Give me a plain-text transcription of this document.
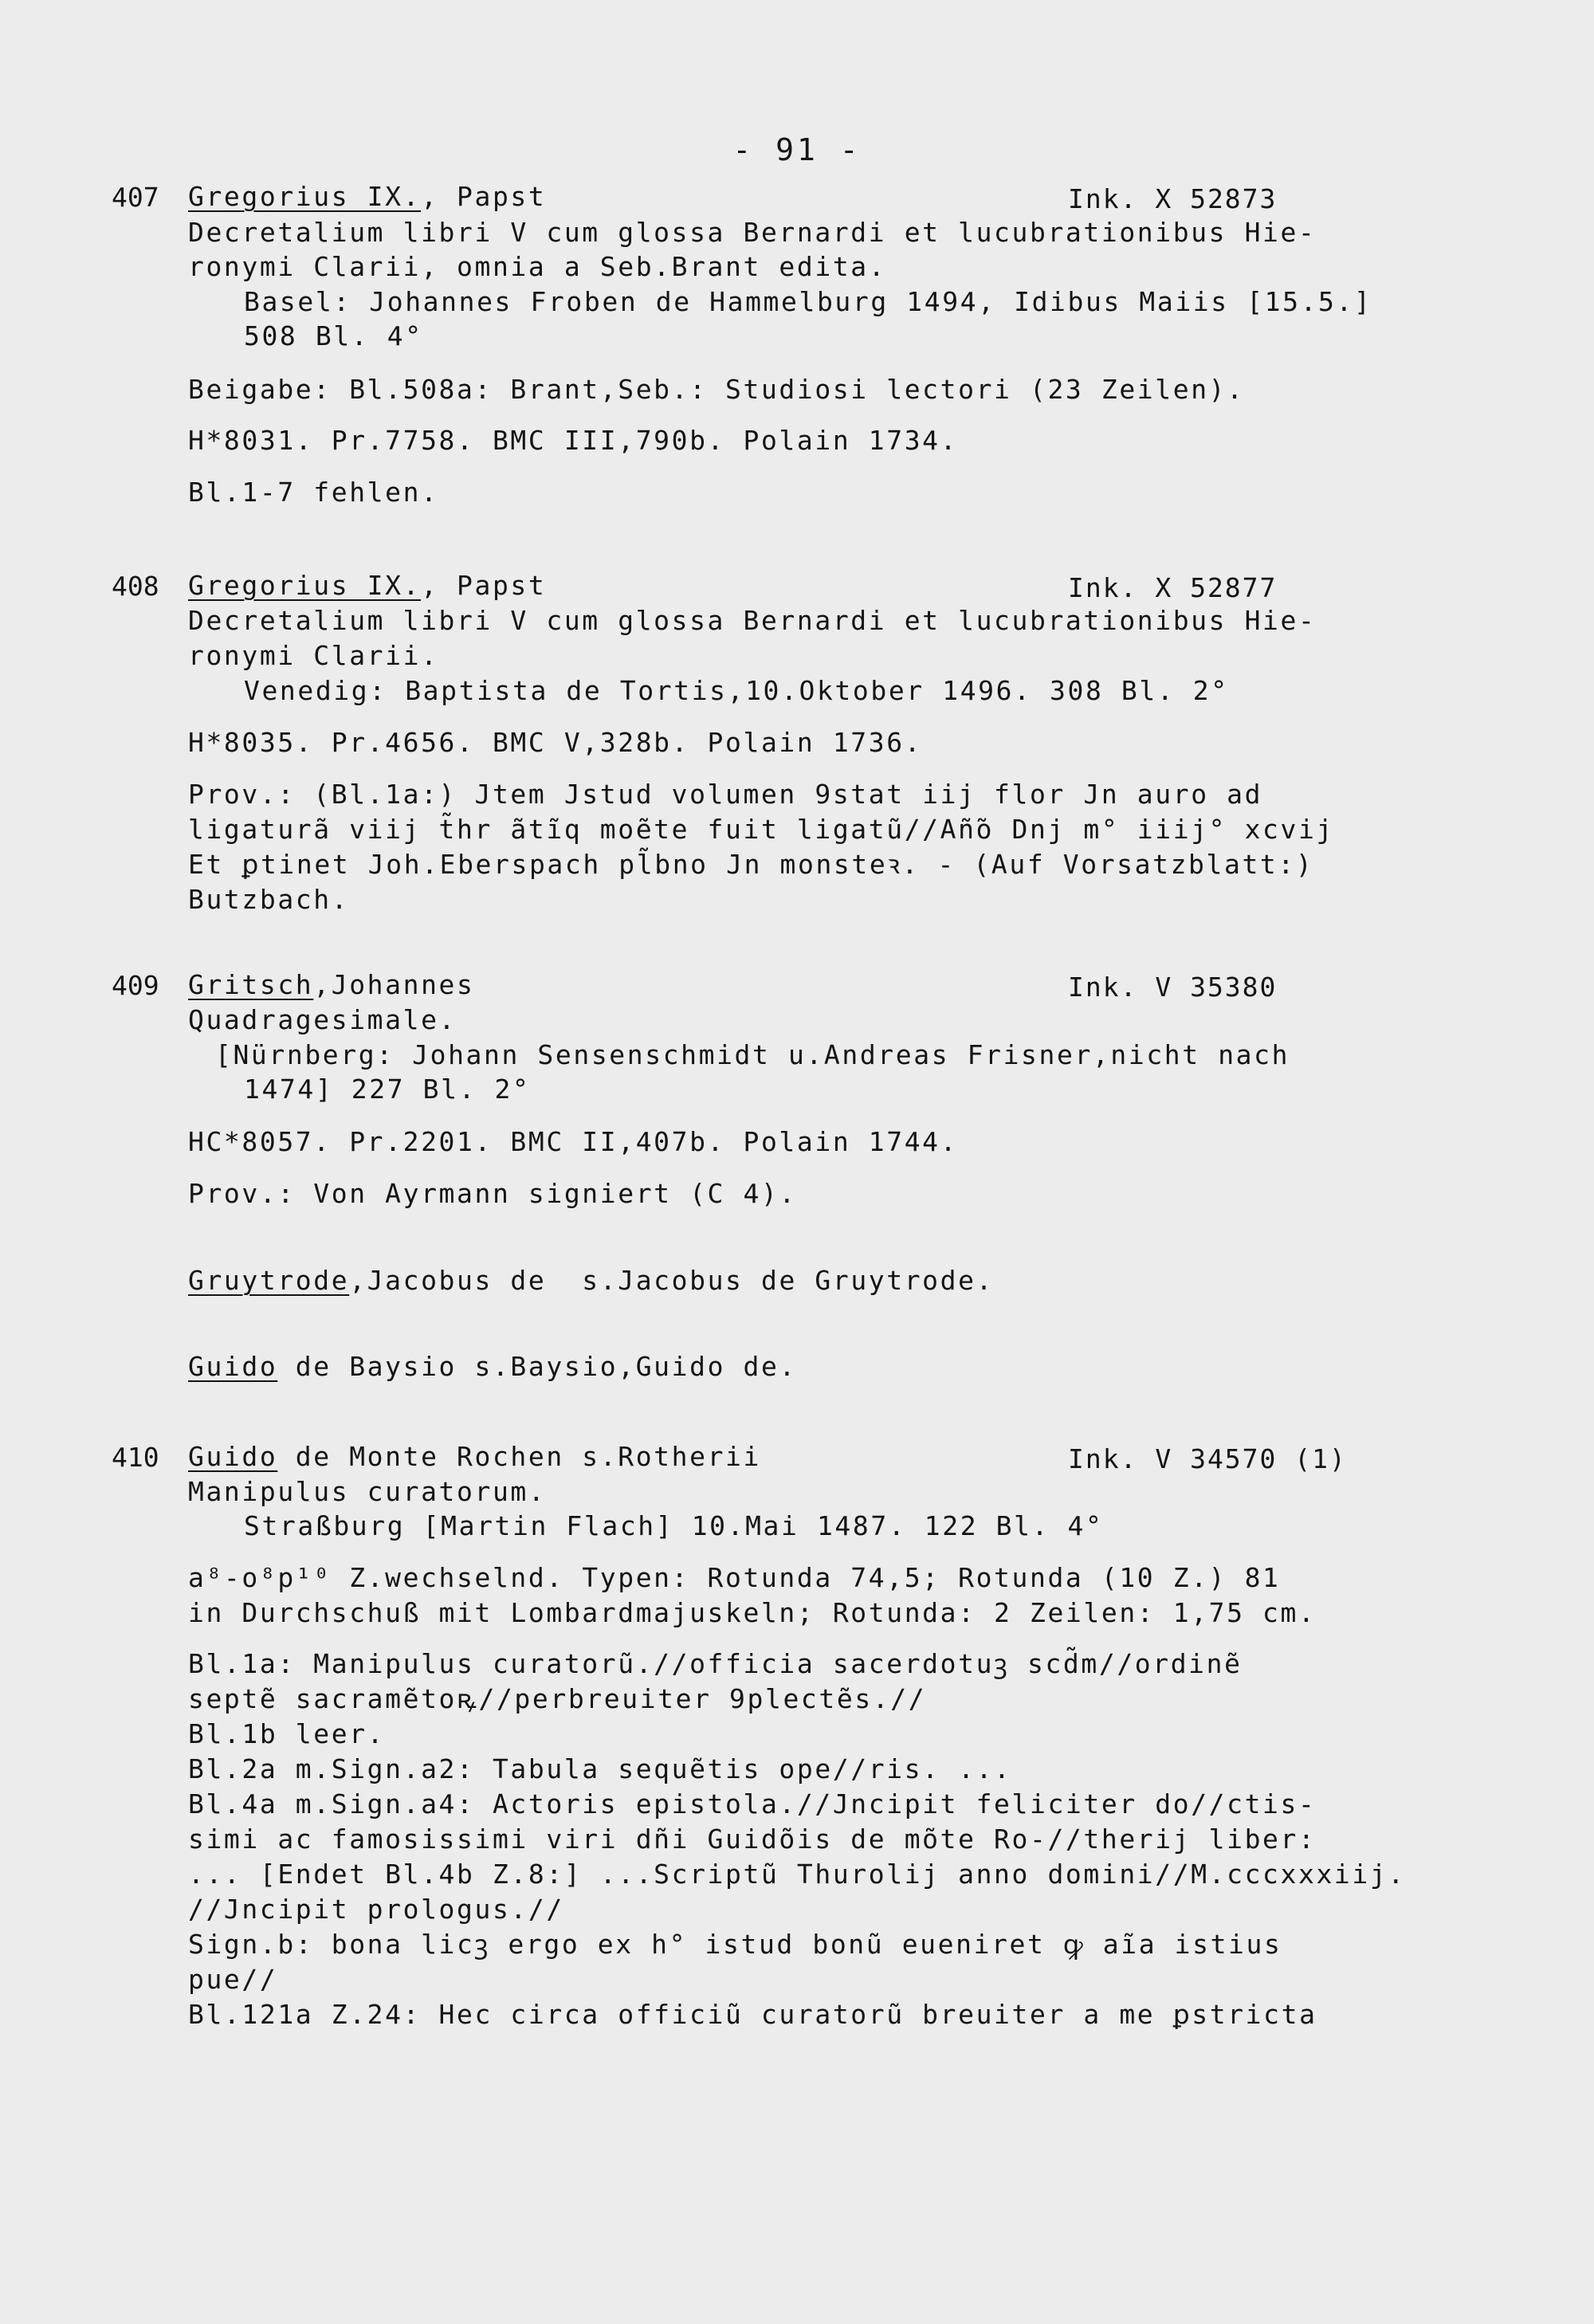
- 91 -
407 Gregorius IX., Papst	Ink. X 52873
Decretalium libri V cum glossa Bernardi et lucubrationibus Hie-
ronymi Clarii, omnia a Seb.Brant edita.
Basel: Johannes Froben de Hammelburg 1494, Idibus Maiis [15.5.]
508 Bl. 4°
Beigabe: Bl.508a: Brant,Seb.: Studiosi lectori (23 Zeilen).
H*8031. Pr.7758. BMC III,790b. Polain 1734.
Bl.1-7 fehlen.
408 Gregorius IX., Papst	Ink. X 52877
Decretalium libri V cum glossa Bernardi et lucubrationibus Hie-
ronymi Clarii.
Venedig: Baptista de Tortis,10.Oktober 1496. 308 Bl. 2°
H*8035. Pr.4656. BMC V,328b. Polain 1736.
Prov.: (Bl.1a:) Jtem Jstud volumen 9stat iij flor Jn auro ad
ligaturã viij t̃hr ãtĩq moẽte fuit ligatũ//Añ̃o Dnj m° iiij° xcvij
Et ꝑtinet Joh.Eberspach pl̃bno Jn monsteꝛ. - (Auf Vorsatzblatt:)
Butzbach.
409 Gritsch,Johannes	Ink. V 35380
Quadragesimale.
[Nürnberg: Johann Sensenschmidt u.Andreas Frisner,nicht nach
1474] 227 Bl. 2°
HC*8057. Pr.2201. BMC II,407b. Polain 1744.
Prov.: Von Ayrmann signiert (C 4).
Gruytrode,Jacobus de  s.Jacobus de Gruytrode.
Guido de Baysio s.Baysio,Guido de.
410 Guido de Monte Rochen s.Rotherii	Ink. V 34570 (1)
Manipulus curatorum.
Straßburg [Martin Flach] 10.Mai 1487. 122 Bl. 4°
a⁸-o⁸p¹⁰ Z.wechselnd. Typen: Rotunda 74,5; Rotunda (10 Z.) 81
in Durchschuß mit Lombardmajuskeln; Rotunda: 2 Zeilen: 1,75 cm.
Bl.1a: Manipulus curatorũ.//officia sacerdotuꝫ scd̃m//ordinẽ
septẽ sacramẽtoꝶ//perbreuiter 9plectẽs.//
Bl.1b leer.
Bl.2a m.Sign.a2: Tabula sequẽtis ope//ris. ...
Bl.4a m.Sign.a4: Actoris epistola.//Jncipit feliciter do//ctis-
simi ac famosissimi viri dñi Guidõis de mõte Ro-//therij liber:
... [Endet Bl.4b Z.8:] ...Scriptũ Thurolij anno domini//M.cccxxxiij.
//Jncipit prologus.//
Sign.b: bona licꝫ ergo ex h° istud bonũ eueniret ꝙ aĩa istius
pue//
Bl.121a Z.24: Hec circa officiũ curatorũ breuiter a me ꝑstricta
